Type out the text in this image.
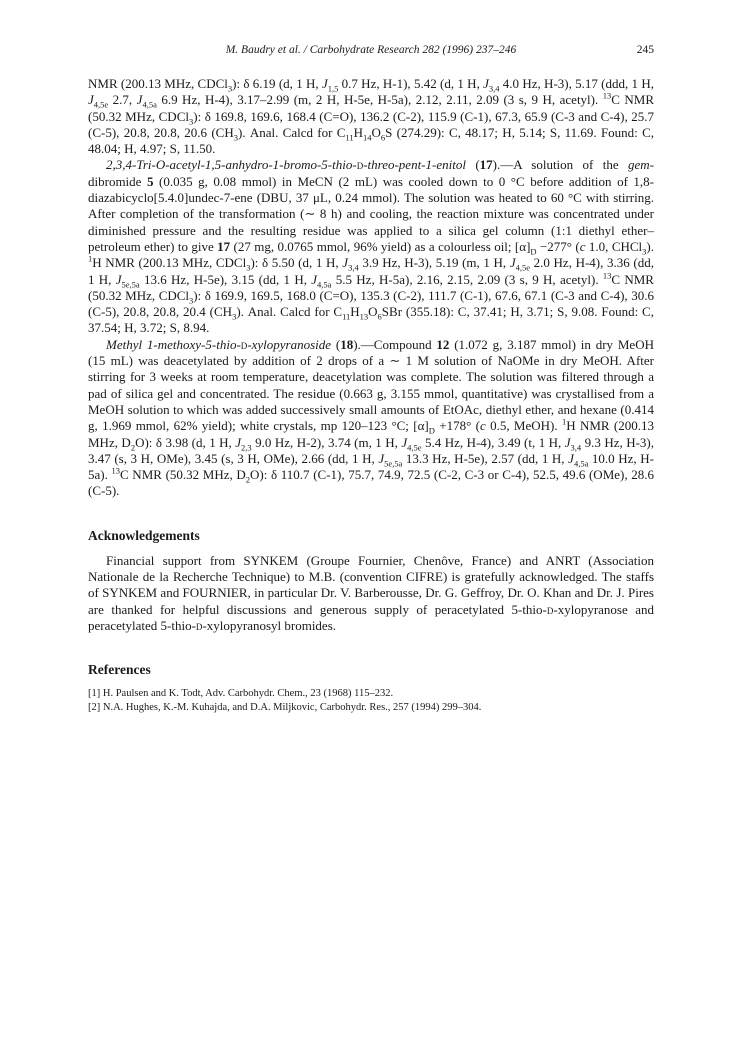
M. Baudry et al. / Carbohydrate Research 282 (1996) 237–246	245

NMR (200.13 MHz, CDCl$_3$): δ 6.19 (d, 1 H, $J_{1,5}$ 0.7 Hz, H-1), 5.42 (d, 1 H, $J_{3,4}$ 4.0 Hz, H-3), 5.17 (ddd, 1 H, $J_{4,5e}$ 2.7, $J_{4,5a}$ 6.9 Hz, H-4), 3.17–2.99 (m, 2 H, H-5e, H-5a), 2.12, 2.11, 2.09 (3 s, 9 H, acetyl). $^{13}$C NMR (50.32 MHz, CDCl$_3$): δ 169.8, 169.6, 168.4 (C=O), 136.2 (C-2), 115.9 (C-1), 67.3, 65.9 (C-3 and C-4), 25.7 (C-5), 20.8, 20.8, 20.6 $(CH_3)$. Anal. Calcd for $C_{11}H_{14}O_6S$ (274.29): C, 48.17; H, 5.14; S, 11.69. Found: C, 48.04; H, 4.97; S, 11.50.

2,3,4-Tri-O-acetyl-1,5-anhydro-1-bromo-5-thio-d-threo-pent-1-enitol (17).—A solution of the gem-dibromide 5 (0.035 g, 0.08 mmol) in MeCN (2 mL) was cooled down to 0 °C before addition of 1,8-diazabicyclo[5.4.0]undec-7-ene (DBU, 37 μL, 0.24 mmol). The solution was heated to 60 °C with stirring. After completion of the transformation (∼ 8 h) and cooling, the reaction mixture was concentrated under diminished pressure and the resulting residue was applied to a silica gel column (1:1 diethyl ether–petroleum ether) to give 17 (27 mg, 0.0765 mmol, 96% yield) as a colourless oil; $[\alpha]_D -277^\circ$ (c 1.0, CHCl$_3$). $^1$H NMR (200.13 MHz, CDCl$_3$): δ 5.50 (d, 1 H, $J_{3,4}$ 3.9 Hz, H-3), 5.19 (m, 1 H, $J_{4,5e}$ 2.0 Hz, H-4), 3.36 (dd, 1 H, $J_{5e,5a}$ 13.6 Hz, H-5e), 3.15 (dd, 1 H, $J_{4,5a}$ 5.5 Hz, H-5a), 2.16, 2.15, 2.09 (3 s, 9 H, acetyl). $^{13}$C NMR (50.32 MHz, CDCl$_3$): δ 169.9, 169.5, 168.0 (C=O), 135.3 (C-2), 111.7 (C-1), 67.6, 67.1 (C-3 and C-4), 30.6 (C-5), 20.8, 20.8, 20.4 $(CH_3)$. Anal. Calcd for $C_{11}H_{13}O_6SBr$ (355.18): C, 37.41; H, 3.71; S, 9.08. Found: C, 37.54; H, 3.72; S, 8.94.

Methyl 1-methoxy-5-thio-d-xylopyranoside (18).—Compound 12 (1.072 g, 3.187 mmol) in dry MeOH (15 mL) was deacetylated by addition of 2 drops of a ∼ 1 M solution of NaOMe in dry MeOH. After stirring for 3 weeks at room temperature, deacetylation was complete. The solution was filtered through a pad of silica gel and concentrated. The residue (0.663 g, 3.155 mmol, quantitative) was crystallised from a MeOH solution to which was added successively small amounts of EtOAc, diethyl ether, and hexane (0.414 g, 1.969 mmol, 62% yield); white crystals, mp 120–123 °C; $[\alpha]_D +178^\circ$ (c 0.5, MeOH). $^1$H NMR (200.13 MHz, $D_2O$): δ 3.98 (d, 1 H, $J_{2,3}$ 9.0 Hz, H-2), 3.74 (m, 1 H, $J_{4,5e}$ 5.4 Hz, H-4), 3.49 (t, 1 H, $J_{3,4}$ 9.3 Hz, H-3), 3.47 (s, 3 H, OMe), 3.45 (s, 3 H, OMe), 2.66 (dd, 1 H, $J_{5e,5a}$ 13.3 Hz, H-5e), 2.57 (dd, 1 H, $J_{4,5a}$ 10.0 Hz, H-5a). $^{13}$C NMR (50.32 MHz, $D_2O$): δ 110.7 (C-1), 75.7, 74.9, 72.5 (C-2, C-3 or C-4), 52.5, 49.6 (OMe), 28.6 (C-5).

Acknowledgements

Financial support from SYNKEM (Groupe Fournier, Chenôve, France) and ANRT (Association Nationale de la Recherche Technique) to M.B. (convention CIFRE) is gratefully acknowledged. The staffs of SYNKEM and FOURNIER, in particular Dr. V. Barberousse, Dr. G. Geffroy, Dr. O. Khan and Dr. J. Pires are thanked for helpful discussions and generous supply of peracetylated 5-thio-d-xylopyranose and peracetylated 5-thio-d-xylopyranosyl bromides.

References
[1] H. Paulsen and K. Todt, Adv. Carbohydr. Chem., 23 (1968) 115–232.
[2] N.A. Hughes, K.-M. Kuhajda, and D.A. Miljkovic, Carbohydr. Res., 257 (1994) 299–304.
